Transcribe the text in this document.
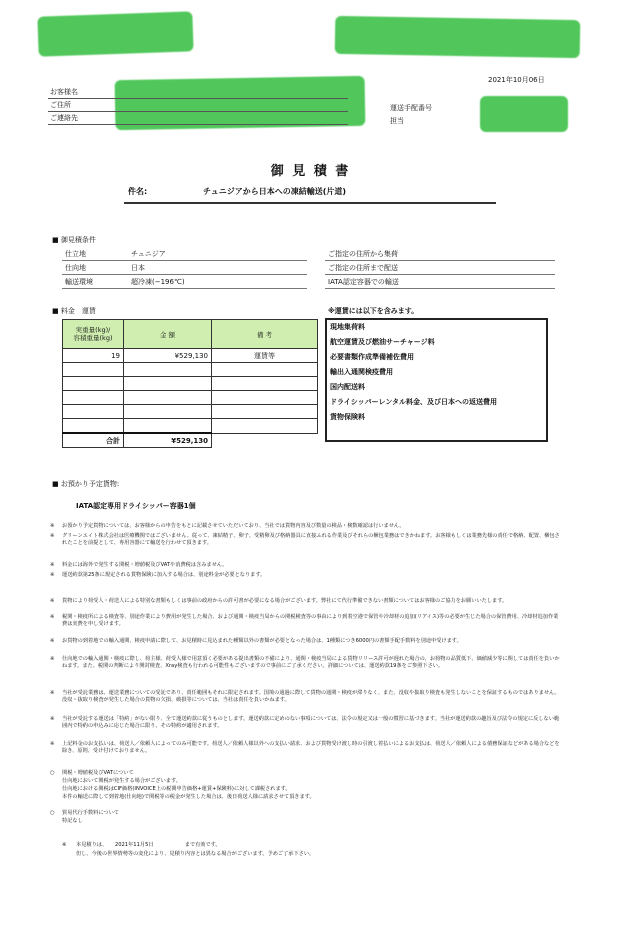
2021年10月06日
お客様名
ご住所
ご連絡先
運送手配番号
担当
御 見 積 書
件名:	チュニジアから日本への凍結輸送(片道)
■ 御見積条件
仕立地	チュニジア
仕向地	日本
輸送環境	超冷凍(−196℃)
ご指定の住所から集荷
ご指定の住所まで配送
IATA認定容器での輸送
■ 料金　運賃
実重量(kg)/
容積重量(kg)	金 額	備 考
19	¥529,130	運賃等

合計	¥529,130	
※運賃には以下を含みます。
現地集荷料
航空運賃及び燃油サーチャージ料
必要書類作成準備補佐費用
輸出入通関検疫費用
国内配送料
ドライシッパーレンタル料金、及び日本への返送費用
貨物保険料
■ お預かり予定貨物:
IATA認定専用ドライシッパー容器1個
※ お預かり予定貨物については、お客様からの申告をもとに記載させていただいており、当社では貨物内容及び数量の検品・検数確認は行いません。
※ グリーンエイト株式会社は医療機関ではございません。従って、凍結精子、卵子、受精卵及び格納器具に直接ふれる作業及びそれらの梱包業務はできかねます。お客様もしくは業務先様の責任で格納、配置、梱包されたことを前提として、専用容器にて輸送を行わせて頂きます。
※ 料金には海外で発生する関税・増値税及びVATや消費税は含みません。
※ 運送約款第25条に規定される貨物保険に加入する場合は、別途料金が必要となります。
※ 貨物により荷受人・荷送人による特別な書類もしくは事前の政府からの許可書が必要になる場合がございます。弊社にて代行準備できない書類についてはお客様のご協力をお願いいたします。
※ 税関・検疫所による検査等、別途作業により費用が発生した場合、および通関・検疫当局からの関税検査等の事由により到着空港で保管や冷却材の追加(リアイス)等の必要が生じた場合の保管費用、冷却材追加作業費は実費を申し受けます。
※ お貨物の到着地での輸入通関、検疫申請に際して、お見積時に見込まれた種類以外の書類が必要となった場合は、1種類につき6000円の書類手配手数料を別途申受けます。
※ 仕向地での輸入通関・検疫に際し、荷主様、荷受人様で用意頂く必要がある提出書類の不備により、通関・検疫当局による貨物リリース許可が遅れた場合の、お荷物の品質低下、価値減少等に関しては責任を負いかねます。また、税関の判断により開封検査、Xray検査も行われる可能性もございますので事前にご了承ください。詳細については、運送約款19条をご参照下さい。
※ 当社が受託業務は、運送業務についての受託であり、責任範囲もそれに限定されます。国境の通過に際して貨物の通関・検疫が滞りなく、また、没収や抜取り検査も発生しないことを保証するものではありません。没収・抜取り検査が発生した場合の貨物の欠損、破損等については、当社は責任を負いかねます。
※ 当社が受託する運送は「特約」がない限り、全て運送約款に従うものとします。運送約款に定めのない事項については、法令の規定又は一般の慣習に基づきます。当社が運送約款の趣旨及び法令の規定に反しない範囲内で特約の申込みに応じた場合に限り、その特約が適用されます。
※ 上記料金のお支払いは、荷送人／依頼人によってのみ可能です。荷送人／依頼人様以外への支払い請求、および貨物受け渡し時の引渡し着払いによるお支払は、荷送人／依頼人による債務保証などがある場合などを除き、原則、受け付けておりません。
○ 関税・増値税及びVATについて
仕向地において関税が発生する場合がございます。
仕向地における関税はCIF価格(INVOICE上の税関申告価格+運賃+保険料)に対して課税されます。
本件の輸送に際して到着地(仕向地)で関税等の税金が発生した場合は、後日荷送人様に請求させて頂きます。
○ 貿易代行手数料について
特記なし
※ 本見積りは、　　2021年11月5日　　　　　　まで有効です。
但し、今後の世界情勢等の変化により、見積り内容とは異なる場合がございます。予めご了承下さい。
